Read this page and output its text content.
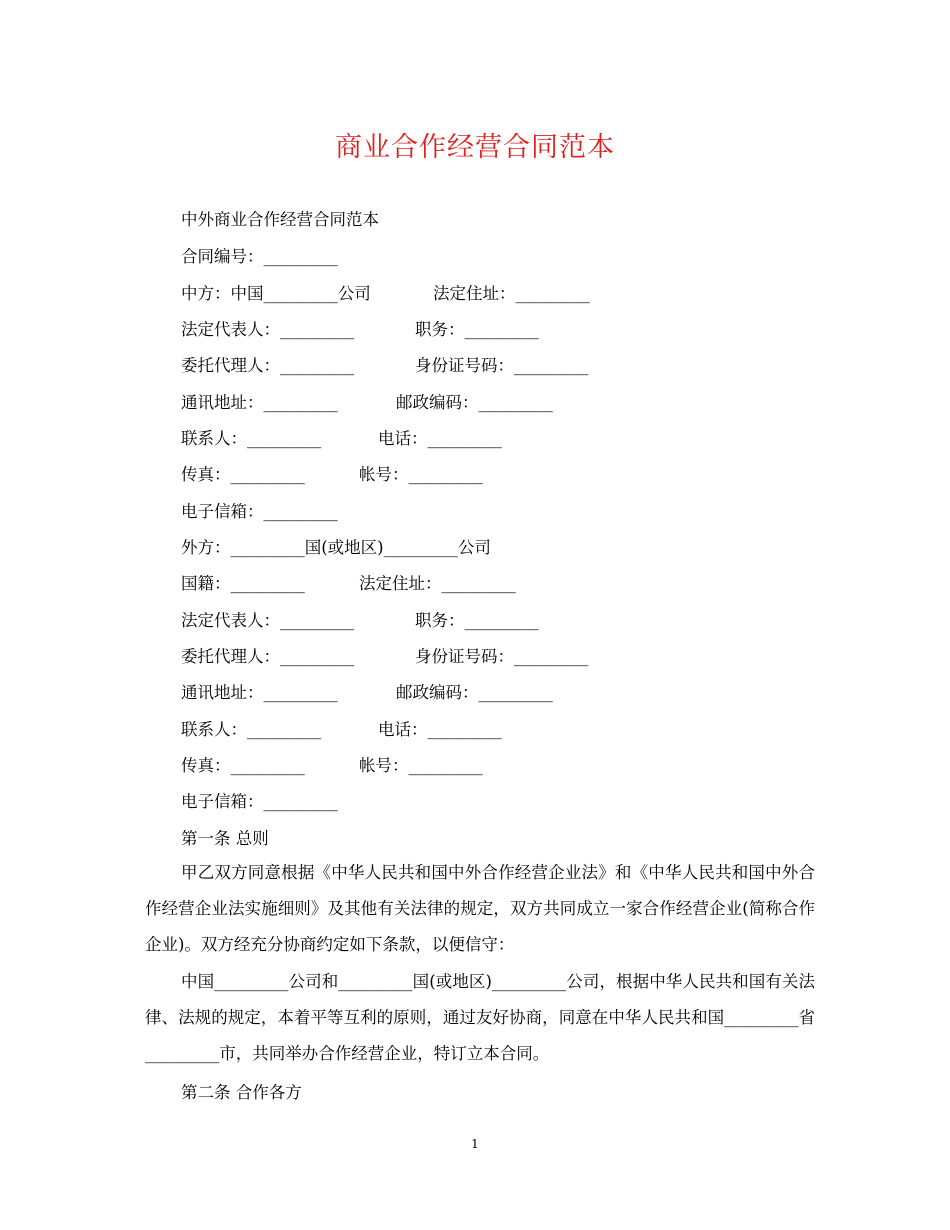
商业合作经营合同范本
中外商业合作经营合同范本
合同编号：_________
中方：中国_________公司	法定住址：_________
法定代表人：_________	职务：_________
委托代理人：_________	身份证号码：_________
通讯地址：_________	邮政编码：_________
联系人：_________	电话：_________
传真：_________	帐号：_________
电子信箱：_________
外方：_________国(或地区)_________公司
国籍：_________	法定住址：_________
法定代表人：_________	职务：_________
委托代理人：_________	身份证号码：_________
通讯地址：_________	邮政编码：_________
联系人：_________	电话：_________
传真：_________	帐号：_________
电子信箱：_________
第一条 总则
甲乙双方同意根据《中华人民共和国中外合作经营企业法》和《中华人民共和国中外合作经营企业法实施细则》及其他有关法律的规定，双方共同成立一家合作经营企业(简称合作企业)。双方经充分协商约定如下条款，以便信守：
中国_________公司和_________国(或地区)_________公司，根据中华人民共和国有关法律、法规的规定，本着平等互利的原则，通过友好协商，同意在中华人民共和国_________省_________市，共同举办合作经营企业，特订立本合同。
第二条 合作各方
1
